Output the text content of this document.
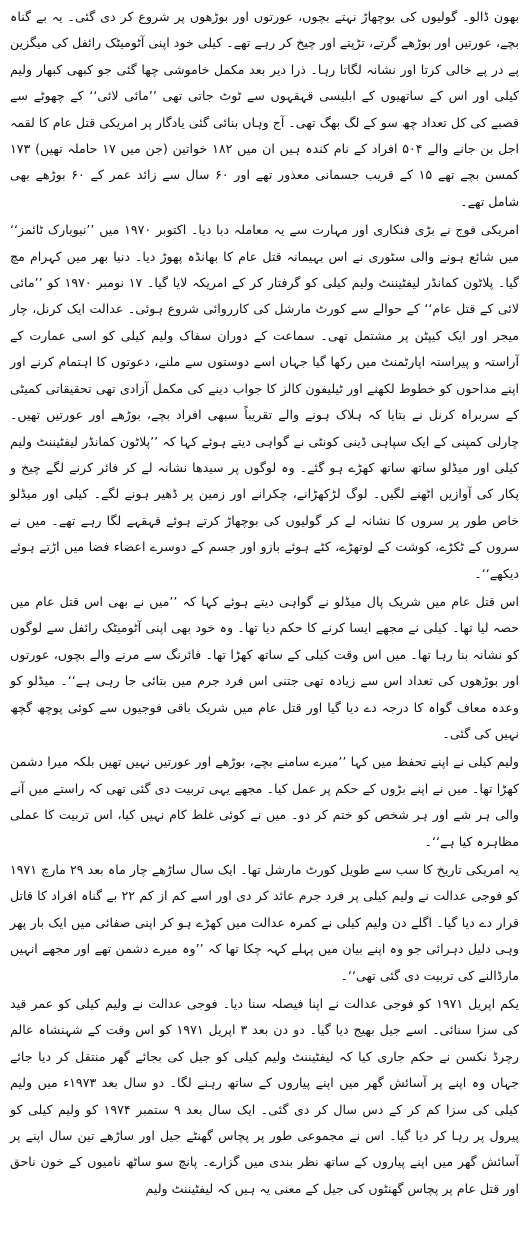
بھون ڈالو۔ گولیوں کی بوچھاڑ نہتے بچوں، عورتوں اور بوڑھوں پر شروع کر دی گئی۔ یہ بے گناہ بچے، عورتیں اور بوڑھے گرتے، تڑپتے اور چیخ کر رہے تھے۔ کیلی خود اپنی آٹومیٹک رائفل کی میگزین پے در پے خالی کرتا اور نشانہ لگاتا رہا۔ ذرا دیر بعد مکمل خاموشی چھا گئی جو کبھی کبھار ولیم کیلی اور اس کے ساتھیوں کے ابلیسی قہقہوں سے ٹوٹ جاتی تھی ’’مائی لائی‘‘ کے چھوٹے سے قصبے کی کل تعداد چھ سو کے لگ بھگ تھی۔ آج وہاں بنائی گئی یادگار پر امریکی قتل عام کا لقمہ اجل بن جانے والے ۵۰۴ افراد کے نام کندہ ہیں ان میں ۱۸۲ خواتین (جن میں ۱۷ حاملہ تھیں) ۱۷۳ کمسن بچے تھے ۱۵ کے قریب جسمانی معذور تھے اور ۶۰ سال سے زائد عمر کے ۶۰ بوڑھے بھی شامل تھے۔

امریکی فوج نے بڑی فنکاری اور مہارت سے یہ معاملہ دبا دیا۔ اکتوبر ۱۹۷۰ میں ’’نیویارک ٹائمز‘‘ میں شائع ہونے والی سٹوری نے اس بہیمانہ قتل عام کا بھانڈہ پھوڑ دیا۔ دنیا بھر میں کہرام مچ گیا۔ پلاٹون کمانڈر لیفٹیننٹ ولیم کیلی کو گرفتار کر کے امریکہ لایا گیا۔ ۱۷ نومبر ۱۹۷۰ کو ’’مائی لائی کے قتل عام‘‘ کے حوالے سے کورٹ مارشل کی کارروائی شروع ہوئی۔ عدالت ایک کرنل، چار میجر اور ایک کیپٹن پر مشتمل تھی۔ سماعت کے دوران سفاک ولیم کیلی کو اسی عمارت کے آراستہ و پیراستہ اپارٹمنٹ میں رکھا گیا جہاں اسے دوستوں سے ملنے، دعوتوں کا اہتمام کرنے اور اپنے مداحوں کو خطوط لکھنے اور ٹیلیفون کالز کا جواب دینے کی مکمل آزادی تھی تحقیقاتی کمیٹی کے سربراہ کرنل نے بتایا کہ ہلاک ہونے والے تقریباً سبھی افراد بچے، بوڑھے اور عورتیں تھیں۔ چارلی کمپنی کے ایک سپاہی ڈینی کونٹی نے گواہی دیتے ہوئے کہا کہ ’’پلاٹون کمانڈر لیفٹیننٹ ولیم کیلی اور میڈلو ساتھ ساتھ کھڑے ہو گئے۔ وہ لوگوں پر سیدھا نشانہ لے کر فائر کرنے لگے چیخ و پکار کی آوازیں اٹھنے لگیں۔ لوگ لڑکھڑانے، چکرانے اور زمین پر ڈھیر ہونے لگے۔ کیلی اور میڈلو خاص طور پر سروں کا نشانہ لے کر گولیوں کی بوچھاڑ کرتے ہوئے قہقہے لگا رہے تھے۔ میں نے سروں کے ٹکڑے، کوشت کے لوتھڑے، کٹے ہوئے بازو اور جسم کے دوسرے اعضاء فضا میں اڑتے ہوئے دیکھے‘‘۔

اس قتل عام میں شریک پال میڈلو نے گواہی دیتے ہوئے کہا کہ ’’میں نے بھی اس قتل عام میں حصہ لیا تھا۔ کیلی نے مجھے ایسا کرنے کا حکم دیا تھا۔ وہ خود بھی اپنی آٹومیٹک رائفل سے لوگوں کو نشانہ بنا رہا تھا۔ میں اس وقت کیلی کے ساتھ کھڑا تھا۔ فائرنگ سے مرنے والے بچوں، عورتوں اور بوڑھوں کی تعداد اس سے زیادہ تھی جتنی اس فرد جرم میں بتائی جا رہی ہے‘‘۔ میڈلو کو وعدہ معاف گواہ کا درجہ دے دیا گیا اور قتل عام میں شریک باقی فوجیوں سے کوئی پوچھ گچھ نہیں کی گئی۔

ولیم کیلی نے اپنے تحفظ میں کہا ’’میرے سامنے بچے، بوڑھے اور عورتیں نہیں تھیں بلکہ میرا دشمن کھڑا تھا۔ میں نے اپنے بڑوں کے حکم پر عمل کیا۔ مجھے یہی تربیت دی گئی تھی کہ راستے میں آنے والی ہر شے اور ہر شخص کو ختم کر دو۔ میں نے کوئی غلط کام نہیں کیا، اس تربیت کا عملی مظاہرہ کیا ہے‘‘۔

یہ امریکی تاریخ کا سب سے طویل کورٹ مارشل تھا۔ ایک سال ساڑھے چار ماہ بعد ۲۹ مارچ ۱۹۷۱ کو فوجی عدالت نے ولیم کیلی پر فرد جرم عائد کر دی اور اسے کم از کم ۲۲ بے گناہ افراد کا قاتل قرار دے دیا گیا۔ اگلے دن ولیم کیلی نے کمرہ عدالت میں کھڑے ہو کر اپنی صفائی میں ایک بار پھر وہی دلیل دہرائی جو وہ اپنے بیان میں پہلے کہہ چکا تھا کہ ’’وہ میرے دشمن تھے اور مجھے انہیں مارڈالنے کی تربیت دی گئی تھی‘‘۔

یکم اپریل ۱۹۷۱ کو فوجی عدالت نے اپنا فیصلہ سنا دیا۔ فوجی عدالت نے ولیم کیلی کو عمر قید کی سزا سنائی۔ اسے جیل بھیج دیا گیا۔ دو دن بعد ۳ اپریل ۱۹۷۱ کو اس وقت کے شہنشاہ عالم رچرڈ نکسن نے حکم جاری کیا کہ لیفٹیننٹ ولیم کیلی کو جیل کی بجائے گھر منتقل کر دیا جائے جہاں وہ اپنے پر آسائش گھر میں اپنے پیاروں کے ساتھ رہنے لگا۔ دو سال بعد ۱۹۷۳ء میں ولیم کیلی کی سزا کم کر کے دس سال کر دی گئی۔ ایک سال بعد ۹ ستمبر ۱۹۷۴ کو ولیم کیلی کو پیرول پر رہا کر دیا گیا۔ اس نے مجموعی طور پر پچاس گھنٹے جیل اور ساڑھے تین سال اپنے پر آسائش گھر میں اپنے پیاروں کے ساتھ نظر بندی میں گزارے۔ پانچ سو ساٹھ نامیوں کے خون ناحق اور قتل عام پر پچاس گھنٹوں کی جیل کے معنی یہ ہیں کہ لیفٹیننٹ ولیم
